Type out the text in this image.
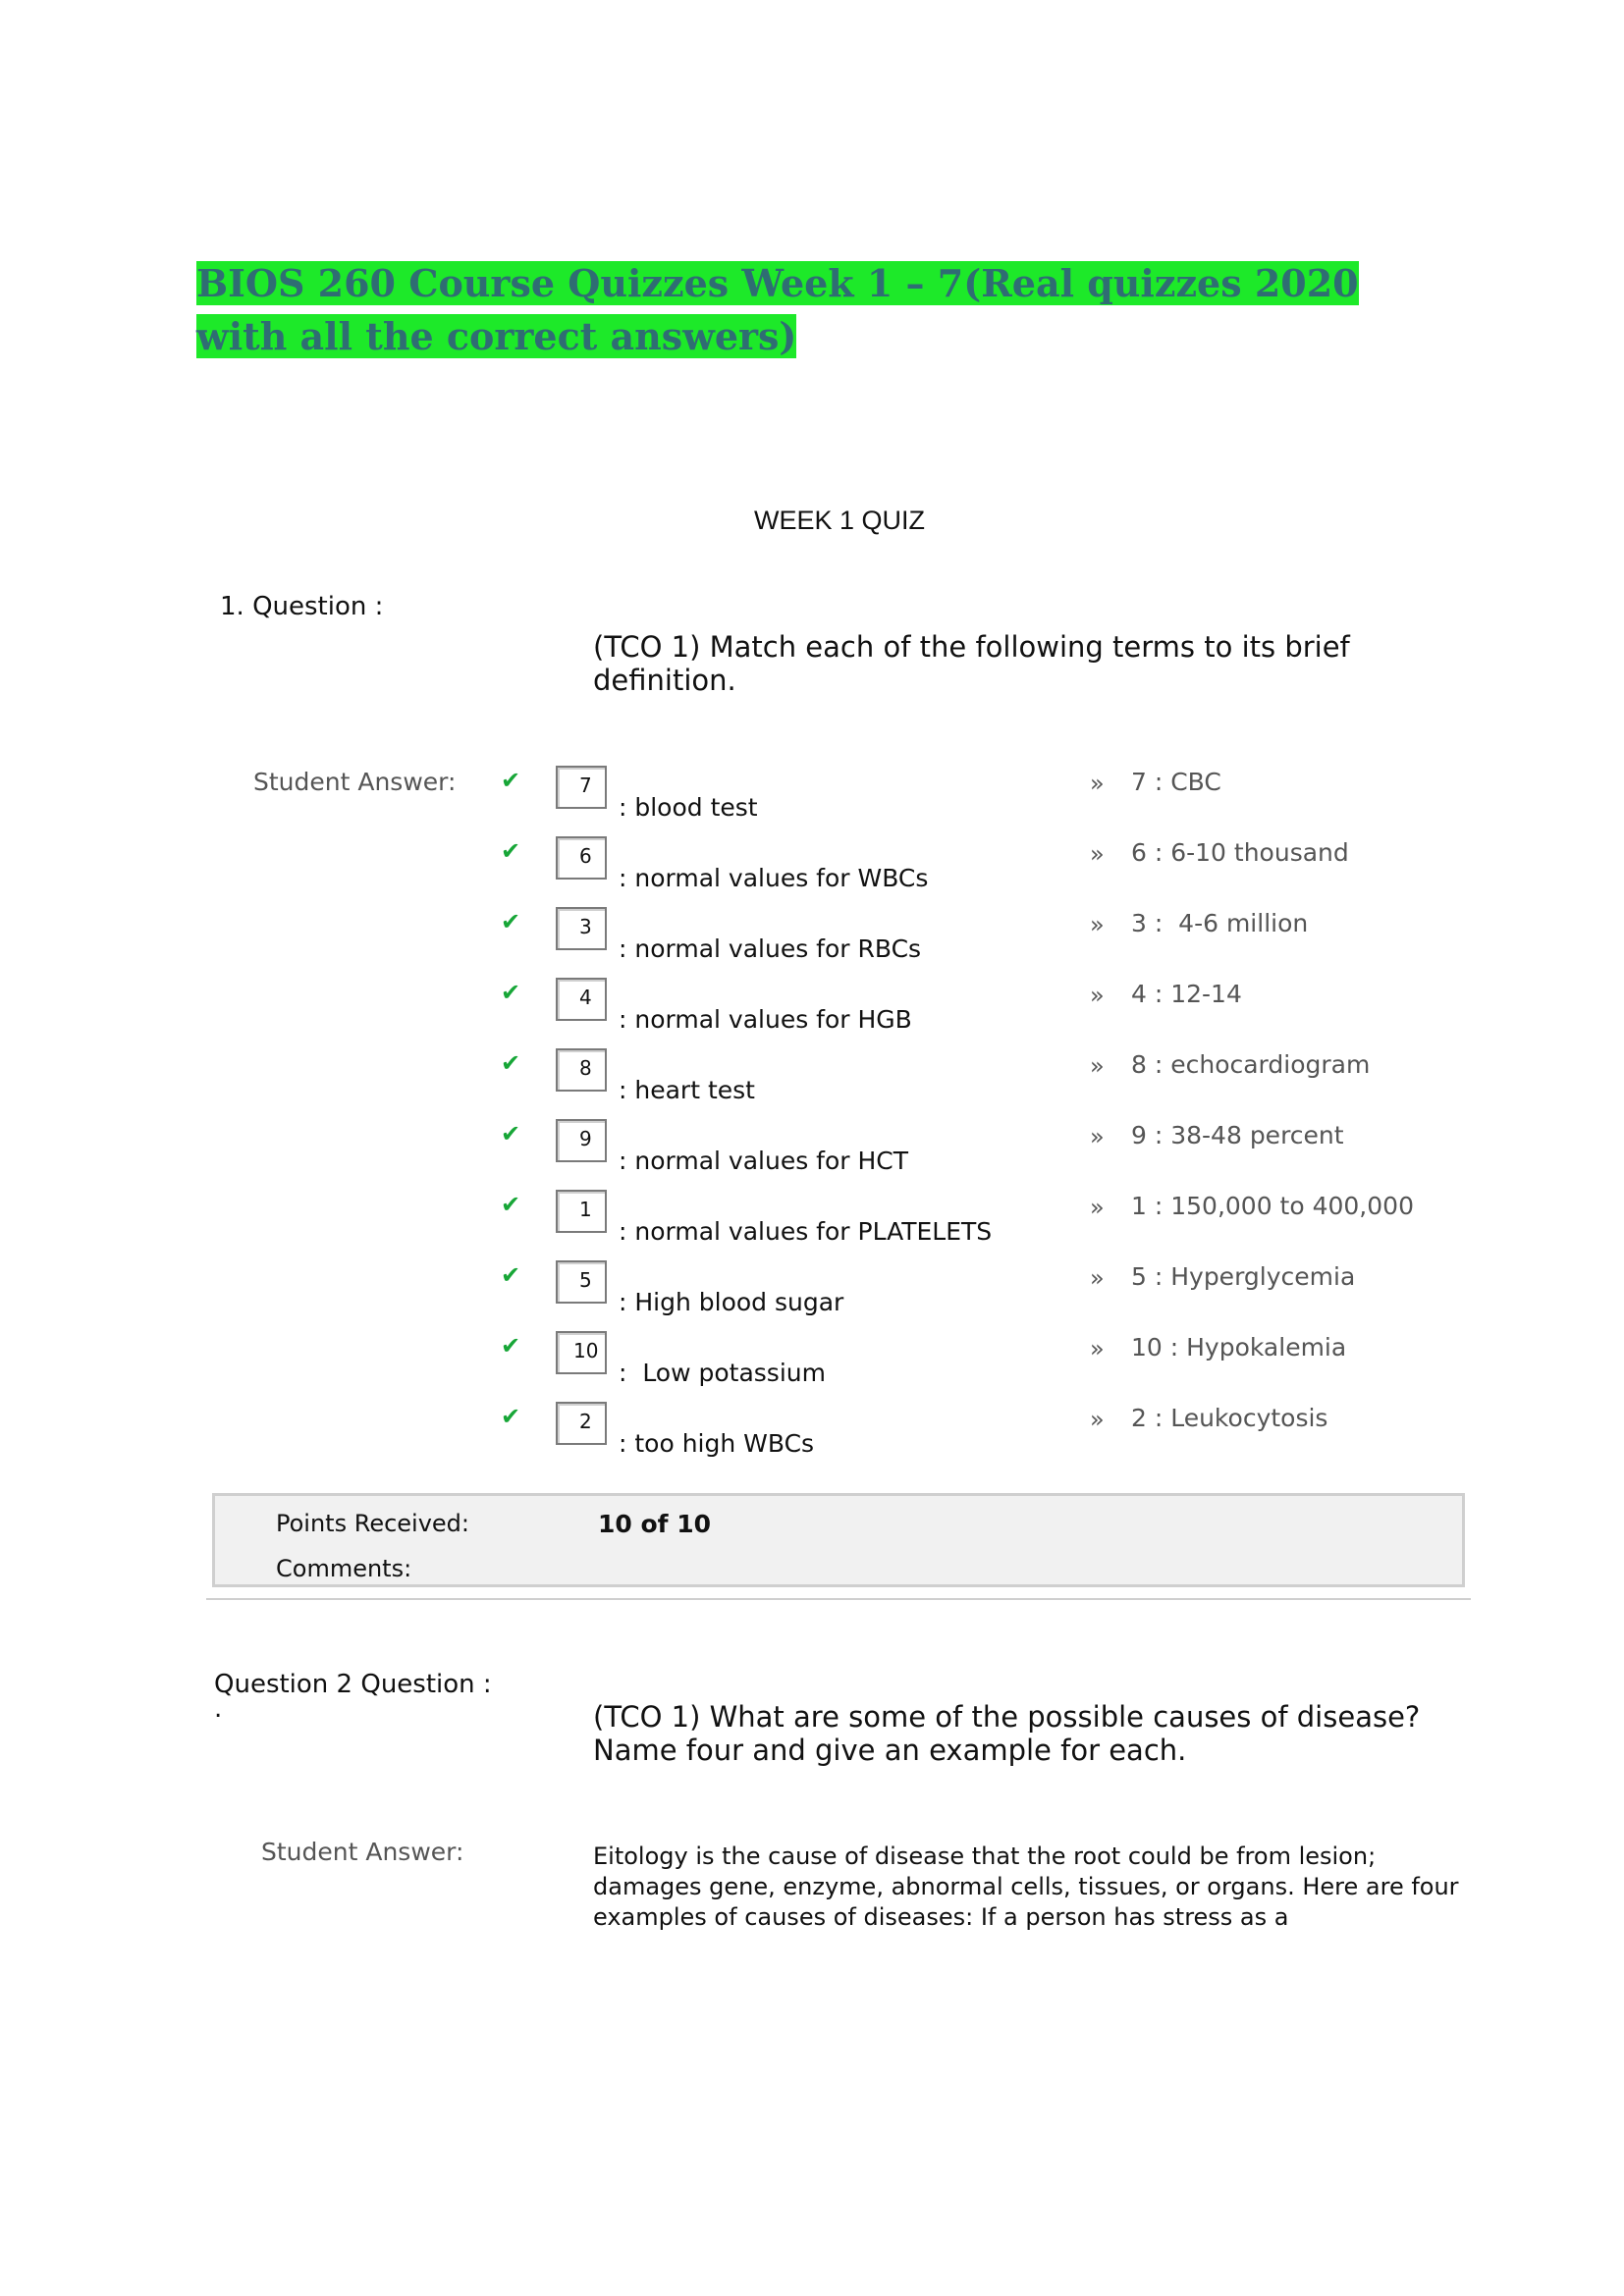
BIOS 260 Course Quizzes Week 1 – 7(Real quizzes 2020 with all the correct answers)
WEEK 1 QUIZ
1. Question :
(TCO 1) Match each of the following terms to its brief definition.
Student Answer: ✔	7
: blood test
» 7 : CBC
✔	6
: normal values for WBCs
» 6 : 6-10 thousand
✔	3
: normal values for RBCs
» 3 :  4-6 million
✔	4
: normal values for HGB
» 4 : 12-14
✔	8
: heart test
» 8 : echocardiogram
✔	9
: normal values for HCT
» 9 : 38-48 percent
✔	1
: normal values for PLATELETS
» 1 : 150,000 to 400,000
✔	5
: High blood sugar
» 5 : Hyperglycemia
✔	10
:  Low potassium
» 10 : Hypokalemia
✔	2
: too high WBCs
» 2 : Leukocytosis
Points Received:	10 of 10
Comments:
Question 2 Question :
.	(TCO 1) What are some of the possible causes of disease? Name four and give an example for each.
Student Answer:	Eitology is the cause of disease that the root could be from lesion; damages gene, enzyme, abnormal cells, tissues, or organs. Here are four examples of causes of diseases: If a person has stress as a
